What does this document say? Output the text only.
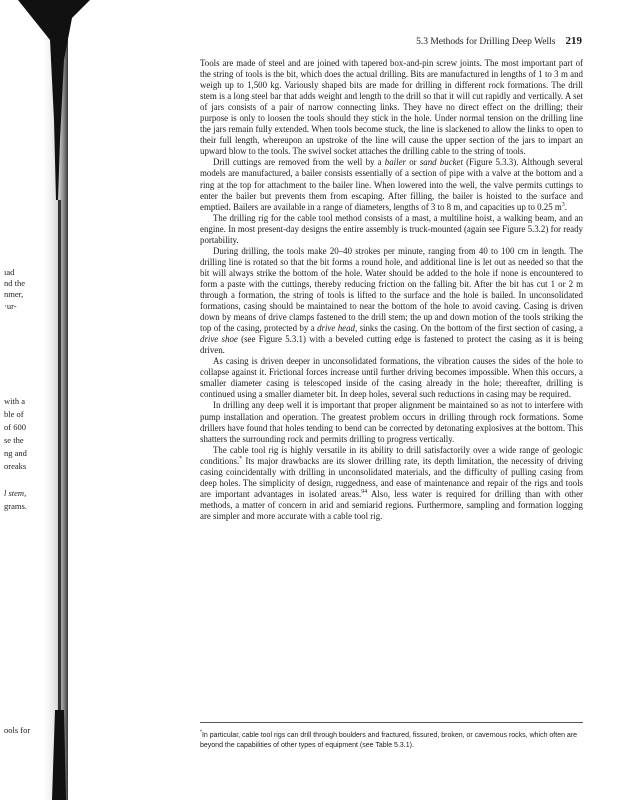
5.3 Methods for Drilling Deep Wells 219

Tools are made of steel and are joined with tapered box-and-pin screw joints. The most important part of the string of tools is the bit, which does the actual drilling. Bits are manufactured in lengths of 1 to 3 m and weigh up to 1,500 kg. Variously shaped bits are made for drilling in different rock formations. The drill stem is a long steel bar that adds weight and length to the drill so that it will cut rapidly and vertically. A set of jars consists of a pair of narrow connecting links. They have no direct effect on the drilling; their purpose is only to loosen the tools should they stick in the hole. Under normal tension on the drilling line the jars remain fully extended. When tools become stuck, the line is slackened to allow the links to open to their full length, whereupon an upstroke of the line will cause the upper section of the jars to impart an upward blow to the tools. The swivel socket attaches the drilling cable to the string of tools.

Drill cuttings are removed from the well by a bailer or sand bucket (Figure 5.3.3). Although several models are manufactured, a bailer consists essentially of a section of pipe with a valve at the bottom and a ring at the top for attachment to the bailer line. When lowered into the well, the valve permits cuttings to enter the bailer but prevents them from escaping. After filling, the bailer is hoisted to the surface and emptied. Bailers are available in a range of diameters, lengths of 3 to 8 m, and capacities up to 0.25 $m^3$.

The drilling rig for the cable tool method consists of a mast, a multiline hoist, a walking beam, and an engine. In most present-day designs the entire assembly is truck-mounted (again see Figure 5.3.2) for ready portability.

During drilling, the tools make 20–40 strokes per minute, ranging from 40 to 100 cm in length. The drilling line is rotated so that the bit forms a round hole, and additional line is let out as needed so that the bit will always strike the bottom of the hole. Water should be added to the hole if none is encountered to form a paste with the cuttings, thereby reducing friction on the falling bit. After the bit has cut 1 or 2 m through a formation, the string of tools is lifted to the surface and the hole is bailed. In unconsolidated formations, casing should be maintained to near the bottom of the hole to avoid caving. Casing is driven down by means of drive clamps fastened to the drill stem; the up and down motion of the tools striking the top of the casing, protected by a drive head, sinks the casing. On the bottom of the first section of casing, a drive shoe (see Figure 5.3.1) with a beveled cutting edge is fastened to protect the casing as it is being driven.

As casing is driven deeper in unconsolidated formations, the vibration causes the sides of the hole to collapse against it. Frictional forces increase until further driving becomes impossible. When this occurs, a smaller diameter casing is telescoped inside of the casing already in the hole; thereafter, drilling is continued using a smaller diameter bit. In deep holes, several such reductions in casing may be required.

In drilling any deep well it is important that proper alignment be maintained so as not to interfere with pump installation and operation. The greatest problem occurs in drilling through rock formations. Some drillers have found that holes tending to bend can be corrected by detonating explosives at the bottom. This shatters the surrounding rock and permits drilling to progress vertically.

The cable tool rig is highly versatile in its ability to drill satisfactorily over a wide range of geologic conditions.* Its major drawbacks are its slower drilling rate, its depth limitation, the necessity of driving casing coincidentally with drilling in unconsolidated materials, and the difficulty of pulling casing from deep holes. The simplicity of design, ruggedness, and ease of maintenance and repair of the rigs and tools are important advantages in isolated areas.$^{94}$ Also, less water is required for drilling than with other methods, a matter of concern in arid and semiarid regions. Furthermore, sampling and formation logging are simpler and more accurate with a cable tool rig.

*In particular, cable tool rigs can drill through boulders and fractured, fissured, broken, or cavernous rocks, which often are beyond the capabilities of other types of equipment (see Table 5.3.1).
ıad
nd the
nmer,
·ur-
with a
ble of
of 600
se the
ng and
oreaks
l stem,
grams.
ools for
